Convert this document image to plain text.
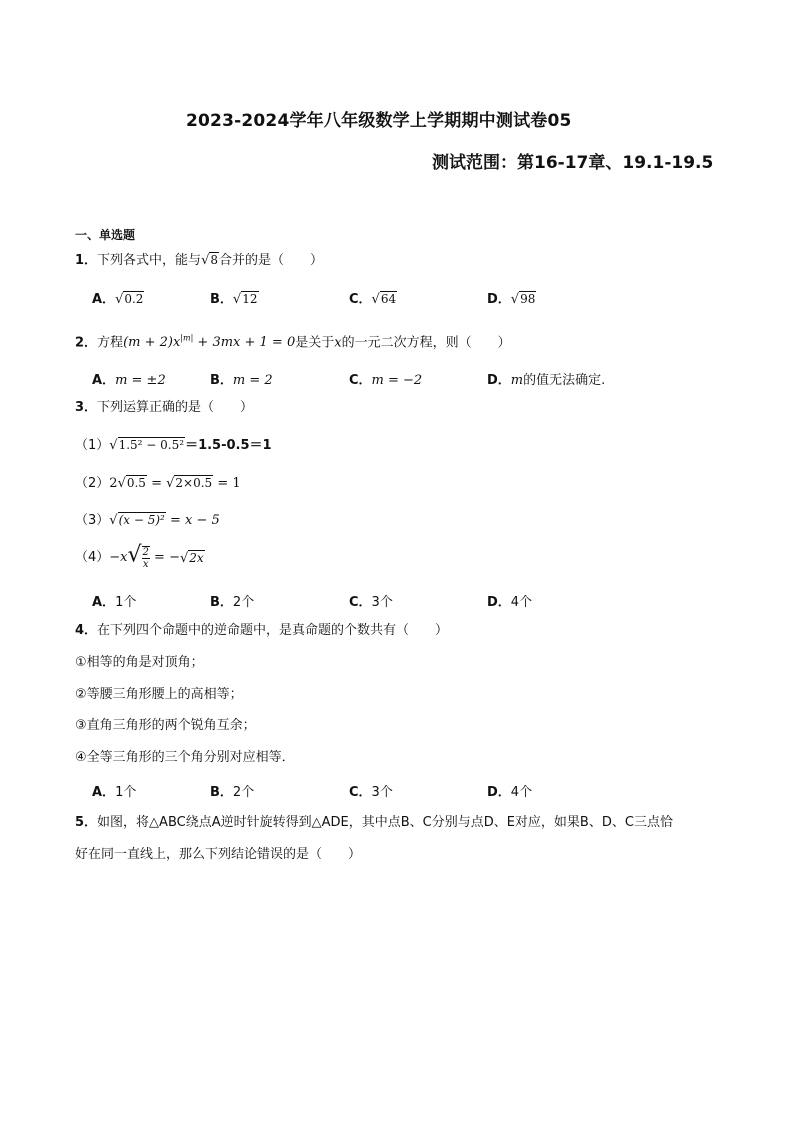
2023-2024学年八年级数学上学期期中测试卷05
测试范围：第16-17章、19.1-19.5
一、单选题
1．下列各式中，能与√8合并的是（　　）
A．√0.2	B．√12	C．√64	D．√98
2．方程$(m + 2)x^{|m|} + 3mx + 1 = 0$是关于x的一元二次方程，则（　　）
A．m = ±2	B．m = 2	C．m = −2	D．m的值无法确定.
3．下列运算正确的是（　　）
（1）√1.5² − 0.5²＝1.5-0.5＝1
（2）2√0.5 = √2×0.5 = 1
（3）√(x − 5)² = x − 5
$(4)-x√ \frac{2}{x} = -√2x$
A．1个	B．2个	C．3个	D．4个
4．在下列四个命题中的逆命题中，是真命题的个数共有（　　）
①相等的角是对顶角；
②等腰三角形腰上的高相等；
③直角三角形的两个锐角互余；
④全等三角形的三个角分别对应相等．
A．1个	B．2个	C．3个	D．4个
5．如图，将△ABC绕点A逆时针旋转得到△ADE，其中点B、C分别与点D、E对应，如果B、D、C三点恰
好在同一直线上，那么下列结论错误的是（　　）
